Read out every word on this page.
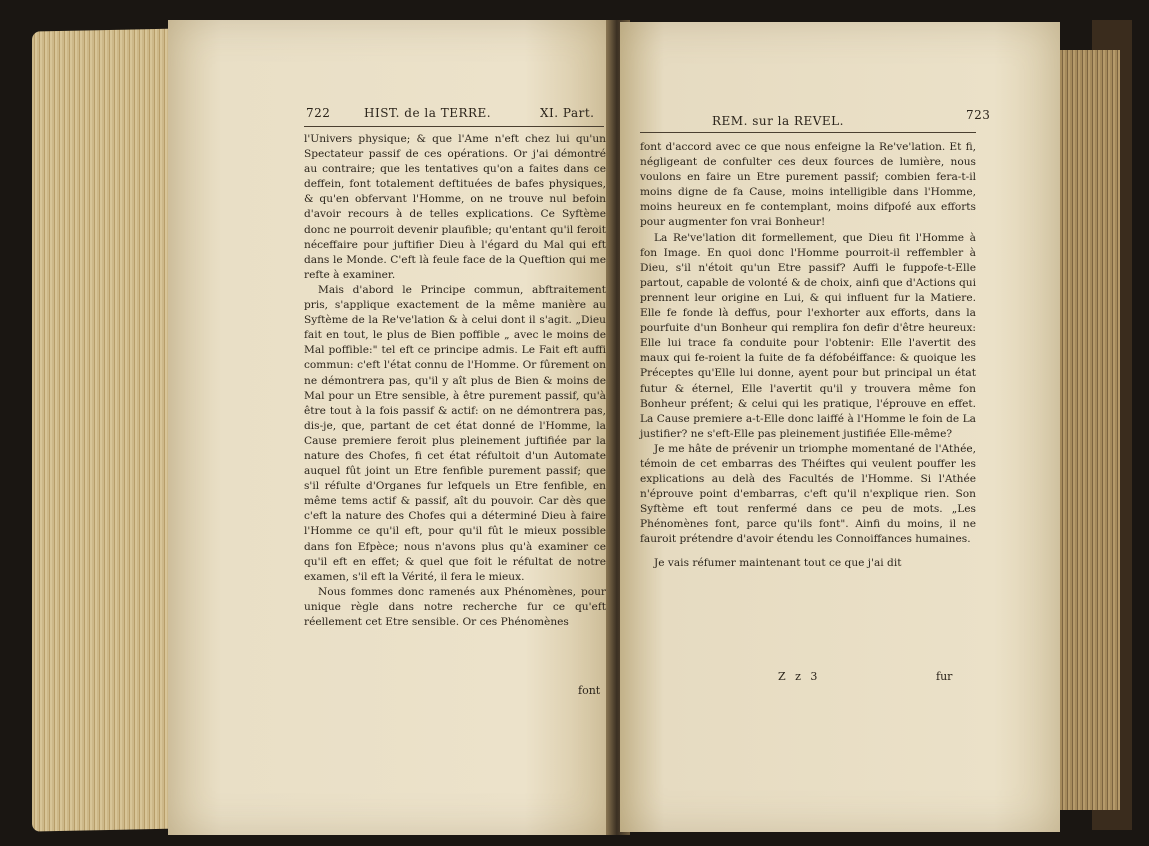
722	HIST. de la TERRE.	XI. Part.

l'Univers physique; & que l'Ame n'eft chez lui qu'un Spectateur passif de ces opérations. Or j'ai démontré au contraire; que les tentatives qu'on a faites dans ce deffein, font totalement deftituées de bafes physiques, & qu'en obfervant l'Homme, on ne trouve nul befoin d'avoir recours à de telles explications. Ce Syftème donc ne pourroit devenir plaufible; qu'entant qu'il feroit néceffaire pour juftifier Dieu à l'égard du Mal qui eft dans le Monde. C'eft là feule face de la Queftion qui me refte à examiner.

Mais d'abord le Principe commun, abftraitement pris, s'applique exactement de la même manière au Syftème de la Re've'lation & à celui dont il s'agit. „Dieu fait en tout, le plus de Bien poffible „ avec le moins de Mal poffible:" tel eft ce principe admis. Le Fait eft auffi commun: c'eft l'état connu de l'Homme. Or fûrement on ne démontrera pas, qu'il y aît plus de Bien & moins de Mal pour un Etre sensible, à être purement passif, qu'à être tout à la fois passif & actif: on ne démontrera pas, dis-je, que, partant de cet état donné de l'Homme, la Cause premiere feroit plus pleinement juftifiée par la nature des Chofes, fi cet état réfultoit d'un Automate auquel fût joint un Etre fenfible purement passif; que s'il réfulte d'Organes fur lefquels un Etre fenfible, en même tems actif & passif, aît du pouvoir. Car dès que c'eft la nature des Chofes qui a déterminé Dieu à faire l'Homme ce qu'il eft, pour qu'il fût le mieux possible dans fon Efpèce; nous n'avons plus qu'à examiner ce qu'il eft en effet; & quel que foit le réfultat de notre examen, s'il eft la Vérité, il fera le mieux.

Nous fommes donc ramenés aux Phénomènes, pour unique règle dans notre recherche fur ce qu'eft réellement cet Etre sensible. Or ces Phénomènes

font
REM. sur la REVEL.	723

font d'accord avec ce que nous enfeigne la Re've'lation. Et fi, négligeant de confulter ces deux fources de lumière, nous voulons en faire un Etre purement passif; combien fera-t-il moins digne de fa Cause, moins intelligible dans l'Homme, moins heureux en fe contemplant, moins difpofé aux efforts pour augmenter fon vrai Bonheur!

La Re've'lation dit formellement, que Dieu fit l'Homme à fon Image. En quoi donc l'Homme pourroit-il reffembler à Dieu, s'il n'étoit qu'un Etre passif? Auffi le fuppofe-t-Elle partout, capable de volonté & de choix, ainfi que d'Actions qui prennent leur origine en Lui, & qui influent fur la Matiere. Elle fe fonde là deffus, pour l'exhorter aux efforts, dans la pourfuite d'un Bonheur qui remplira fon defir d'être heureux: Elle lui trace fa conduite pour l'obtenir: Elle l'avertit des maux qui fe-roient la fuite de fa défobéiffance: & quoique les Préceptes qu'Elle lui donne, ayent pour but principal un état futur & éternel, Elle l'avertit qu'il y trouvera même fon Bonheur préfent; & celui qui les pratique, l'éprouve en effet. La Cause premiere a-t-Elle donc laiffé à l'Homme le foin de La justifier? ne s'eft-Elle pas pleinement justifiée Elle-même?

Je me hâte de prévenir un triomphe momentané de l'Athée, témoin de cet embarras des Théiftes qui veulent pouffer les explications au delà des Facultés de l'Homme. Si l'Athée n'éprouve point d'embarras, c'eft qu'il n'explique rien. Son Syftème eft tout renfermé dans ce peu de mots. „Les Phénomènes font, parce qu'ils font". Ainfi du moins, il ne fauroit prétendre d'avoir étendu les Connoiffances humaines.

Je vais réfumer maintenant tout ce que j'ai dit

Z z 3	fur
